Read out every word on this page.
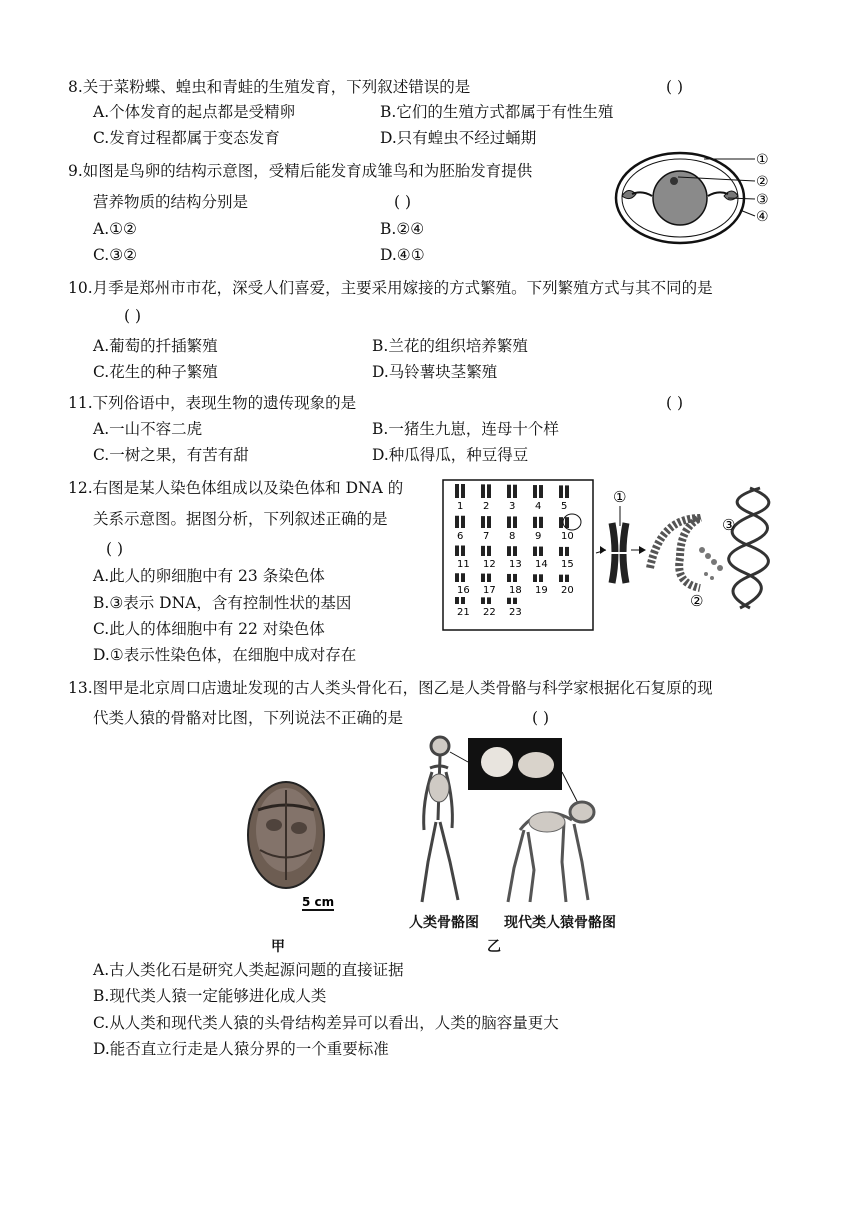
8.关于菜粉蝶、蝗虫和青蛙的生殖发育，下列叙述错误的是	( )
A.个体发育的起点都是受精卵	B.它们的生殖方式都属于有性生殖
C.发育过程都属于变态发育	D.只有蝗虫不经过蛹期
9.如图是鸟卵的结构示意图，受精后能发育成雏鸟和为胚胎发育提供
营养物质的结构分别是	( )
A.①②	B.②④
C.③②	D.④①
①
②
③
④
10.月季是郑州市市花，深受人们喜爱，主要采用嫁接的方式繁殖。下列繁殖方式与其不同的是
( )
A.葡萄的扦插繁殖	B.兰花的组织培养繁殖
C.花生的种子繁殖	D.马铃薯块茎繁殖
11.下列俗语中，表现生物的遗传现象的是	( )
A.一山不容二虎	B.一猪生九崽，连母十个样
C.一树之果，有苦有甜	D.种瓜得瓜，种豆得豆
12.右图是某人染色体组成以及染色体和 DNA 的
关系示意图。据图分析，下列叙述正确的是
( )
A.此人的卵细胞中有 23 条染色体
B.③表示 DNA，含有控制性状的基因
C.此人的体细胞中有 22 对染色体
D.①表示性染色体，在细胞中成对存在
1 2 3 4 5
6 7 8 9 10
11 12 13 14 15
16 17 18 19 20
21 22 23
①
②
③
13.图甲是北京周口店遗址发现的古人类头骨化石，图乙是人类骨骼与科学家根据化石复原的现
代类人猿的骨骼对比图，下列说法不正确的是	( )
5 cm
甲
人类骨骼图 现代类人猿骨骼图
乙
A.古人类化石是研究人类起源问题的直接证据
B.现代类人猿一定能够进化成人类
C.从人类和现代类人猿的头骨结构差异可以看出，人类的脑容量更大
D.能否直立行走是人猿分界的一个重要标准
